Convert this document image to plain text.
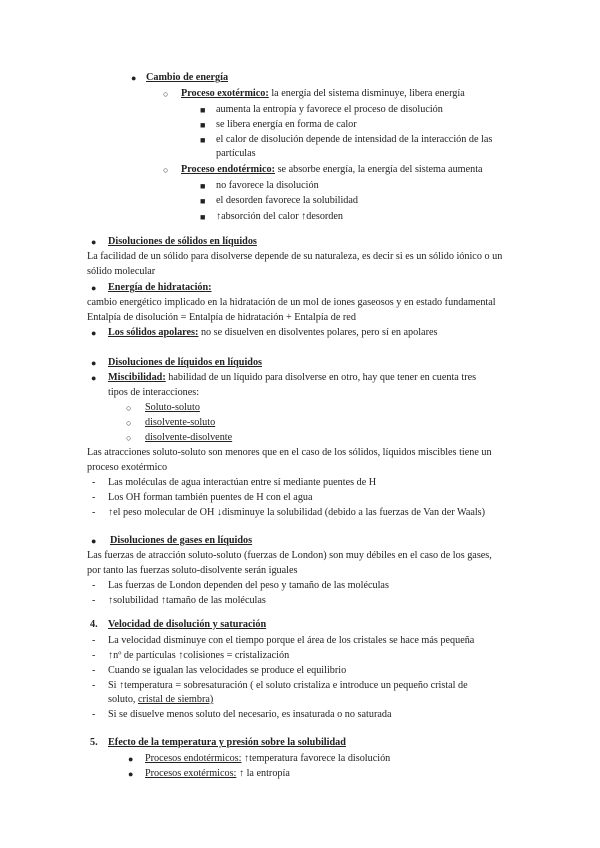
● Cambio de energía
○ Proceso exotérmico: la energía del sistema disminuye, libera energía
■ aumenta la entropía y favorece el proceso de disolución
■ se libera energía en forma de calor
■ el calor de disolución depende de intensidad de la interacción de las
partículas
○ Proceso endotérmico: se absorbe energía, la energía del sistema aumenta
■ no favorece la disolución
■ el desorden favorece la solubilidad
■ ↑absorción del calor ↑desorden
● Disoluciones de sólidos en líquidos
La facilidad de un sólido para disolverse depende de su naturaleza, es decir si es un sólido iónico o un
sólido molecular
● Energía de hidratación:
cambio energético implicado en la hidratación de un mol de iones gaseosos y en estado fundamental
Entalpía de disolución = Entalpía de hidratación + Entalpía de red
● Los sólidos apolares: no se disuelven en disolventes polares, pero sí en apolares
● Disoluciones de líquidos en líquidos
● Miscibilidad: habilidad de un líquido para disolverse en otro, hay que tener en cuenta tres
tipos de interacciones:
○ Soluto-soluto
○ disolvente-soluto
○ disolvente-disolvente
Las atracciones soluto-soluto son menores que en el caso de los sólidos, líquidos miscibles tiene un
proceso exotérmico
- Las moléculas de agua interactúan entre sí mediante puentes de H
- Los OH forman también puentes de H con el agua
- ↑el peso molecular de OH ↓disminuye la solubilidad (debido a las fuerzas de Van der Waals)
● Disoluciones de gases en líquidos
Las fuerzas de atracción soluto-soluto (fuerzas de London) son muy débiles en el caso de los gases,
por tanto las fuerzas soluto-disolvente serán iguales
- Las fuerzas de London dependen del peso y tamaño de las moléculas
- ↑solubilidad ↑tamaño de las moléculas
4. Velocidad de disolución y saturación
- La velocidad disminuye con el tiempo porque el área de los cristales se hace más pequeña
- ↑nº de partículas ↑colisiones = cristalización
- Cuando se igualan las velocidades se produce el equilibrio
- Si ↑temperatura = sobresaturación ( el soluto cristaliza e introduce un pequeño cristal de
soluto, cristal de siembra)
- Si se disuelve menos soluto del necesario, es insaturada o no saturada
5. Efecto de la temperatura y presión sobre la solubilidad
● Procesos endotérmicos: ↑temperatura favorece la disolución
● Procesos exotérmicos: ↑ la entropía
